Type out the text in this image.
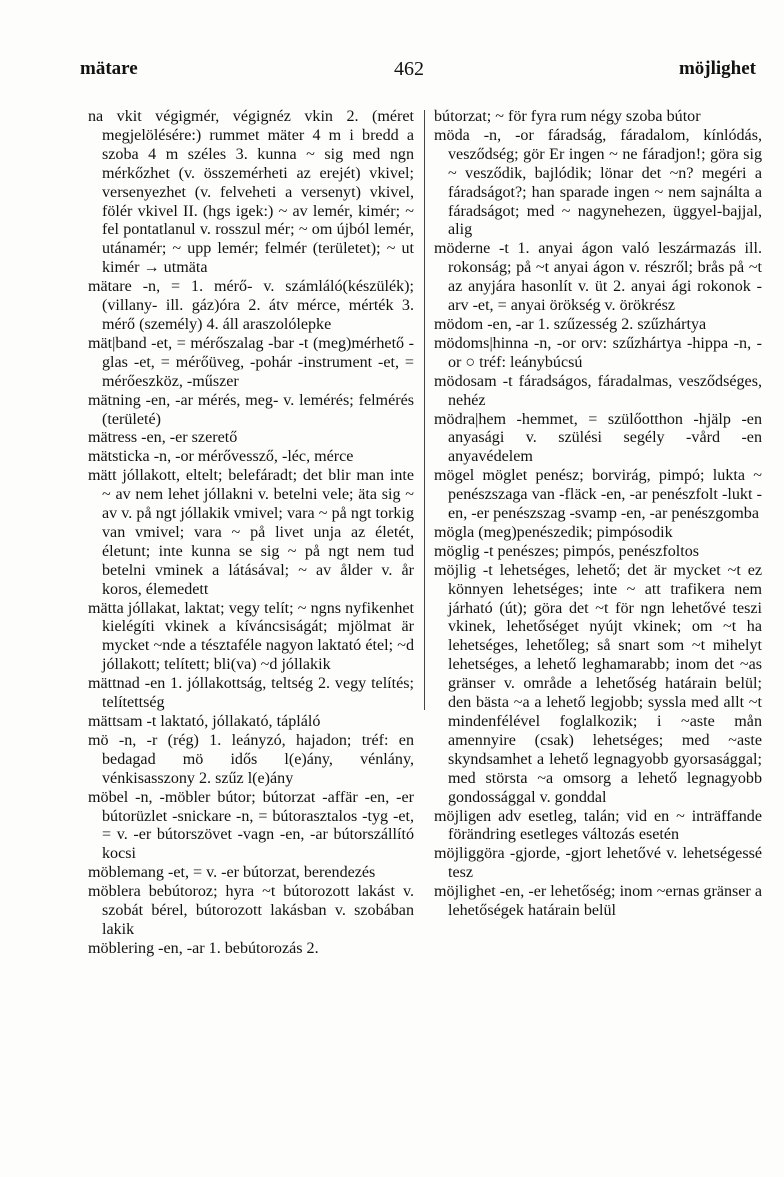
mätare	462	möjlighet

na vkit végigmér, végignéz vkin 2. (méret megjelölésére:) rummet mäter 4 m i bredd a szoba 4 m széles 3. kunna ~ sig med ngn mérkőzhet (v. összemérheti az erejét) vkivel; versenyezhet (v. felveheti a versenyt) vkivel, fölér vkivel II. (hgs igek:) ~ av lemér, kimér; ~ fel pontatlanul v. rosszul mér; ~ om újból lemér, utánamér; ~ upp lemér; felmér (területet); ~ ut kimér → utmäta

mätare -n, = 1. mérő- v. számláló(készülék); (villany- ill. gáz)óra 2. átv mérce, mérték 3. mérő (személy) 4. áll araszolólepke

mät|band -et, = mérőszalag -bar -t (meg)mérhető -glas -et, = mérőüveg, -pohár -instrument -et, = mérőeszköz, -műszer

mätning -en, -ar mérés, meg- v. lemérés; felmérés (területé)

mätress -en, -er szerető

mätsticka -n, -or mérővessző, -léc, mérce

mätt jóllakott, eltelt; belefáradt; det blir man inte ~ av nem lehet jóllakni v. betelni vele; äta sig ~ av v. på ngt jóllakik vmivel; vara ~ på ngt torkig van vmivel; vara ~ på livet unja az életét, életunt; inte kunna se sig ~ på ngt nem tud betelni vminek a látásával; ~ av ålder v. år koros, élemedett

mätta jóllakat, laktat; vegy telít; ~ ngns nyfikenhet kielégíti vkinek a kíváncsiságát; mjölmat är mycket ~nde a tésztaféle nagyon laktató étel; ~d jóllakott; telített; bli(va) ~d jóllakik

mättnad -en 1. jóllakottság, teltség 2. vegy telítés; telítettség

mättsam -t laktató, jóllakató, tápláló

mö -n, -r (rég) 1. leányzó, hajadon; tréf: en bedagad mö idős l(e)ány, vénlány, vénkisasszony 2. szűz l(e)ány

möbel -n, -möbler bútor; bútorzat -affär -en, -er bútorüzlet -snickare -n, = bútorasztalos -tyg -et, = v. -er bútorszövet -vagn -en, -ar bútorszállító kocsi

möblemang -et, = v. -er bútorzat, berendezés

möblera bebútoroz; hyra ~t bútorozott lakást v. szobát bérel, bútorozott lakásban v. szobában lakik

möblering -en, -ar 1. bebútorozás 2.

bútorzat; ~ för fyra rum négy szoba bútor

möda -n, -or fáradság, fáradalom, kínlódás, vesződség; gör Er ingen ~ ne fáradjon!; göra sig ~ vesződik, bajlódik; lönar det ~n? megéri a fáradságot?; han sparade ingen ~ nem sajnálta a fáradságot; med ~ nagynehezen, üggyel-bajjal, alig

möderne -t 1. anyai ágon való leszármazás ill. rokonság; på ~t anyai ágon v. részről; brås på ~t az anyjára hasonlít v. üt 2. anyai ági rokonok -arv -et, = anyai örökség v. örökrész

mödom -en, -ar 1. szűzesség 2. szűzhártya

mödoms|hinna -n, -or orv: szűzhártya -hippa -n, -or ○ tréf: leánybúcsú

mödosam -t fáradságos, fáradalmas, vesződséges, nehéz

mödra|hem -hemmet, = szülőotthon -hjälp -en anyasági v. szülési segély -vård -en anyavédelem

mögel möglet penész; borvirág, pimpó; lukta ~ penészszaga van -fläck -en, -ar penészfolt -lukt -en, -er penészszag -svamp -en, -ar penészgomba

mögla (meg)penészedik; pimpósodik

möglig -t penészes; pimpós, penészfoltos

möjlig -t lehetséges, lehető; det är mycket ~t ez könnyen lehetséges; inte ~ att trafikera nem járható (út); göra det ~t för ngn lehetővé teszi vkinek, lehetőséget nyújt vkinek; om ~t ha lehetséges, lehetőleg; så snart som ~t mihelyt lehetséges, a lehető leghamarabb; inom det ~as gränser v. område a lehetőség határain belül; den bästa ~a a lehető legjobb; syssla med allt ~t mindenfélével foglalkozik; i ~aste mån amennyire (csak) lehetséges; med ~aste skyndsamhet a lehető legnagyobb gyorsasággal; med största ~a omsorg a lehető legnagyobb gondossággal v. gonddal

möjligen adv esetleg, talán; vid en ~ inträffande förändring esetleges változás esetén

möjliggöra -gjorde, -gjort lehetővé v. lehetségessé tesz

möjlighet -en, -er lehetőség; inom ~ernas gränser a lehetőségek határain belül
